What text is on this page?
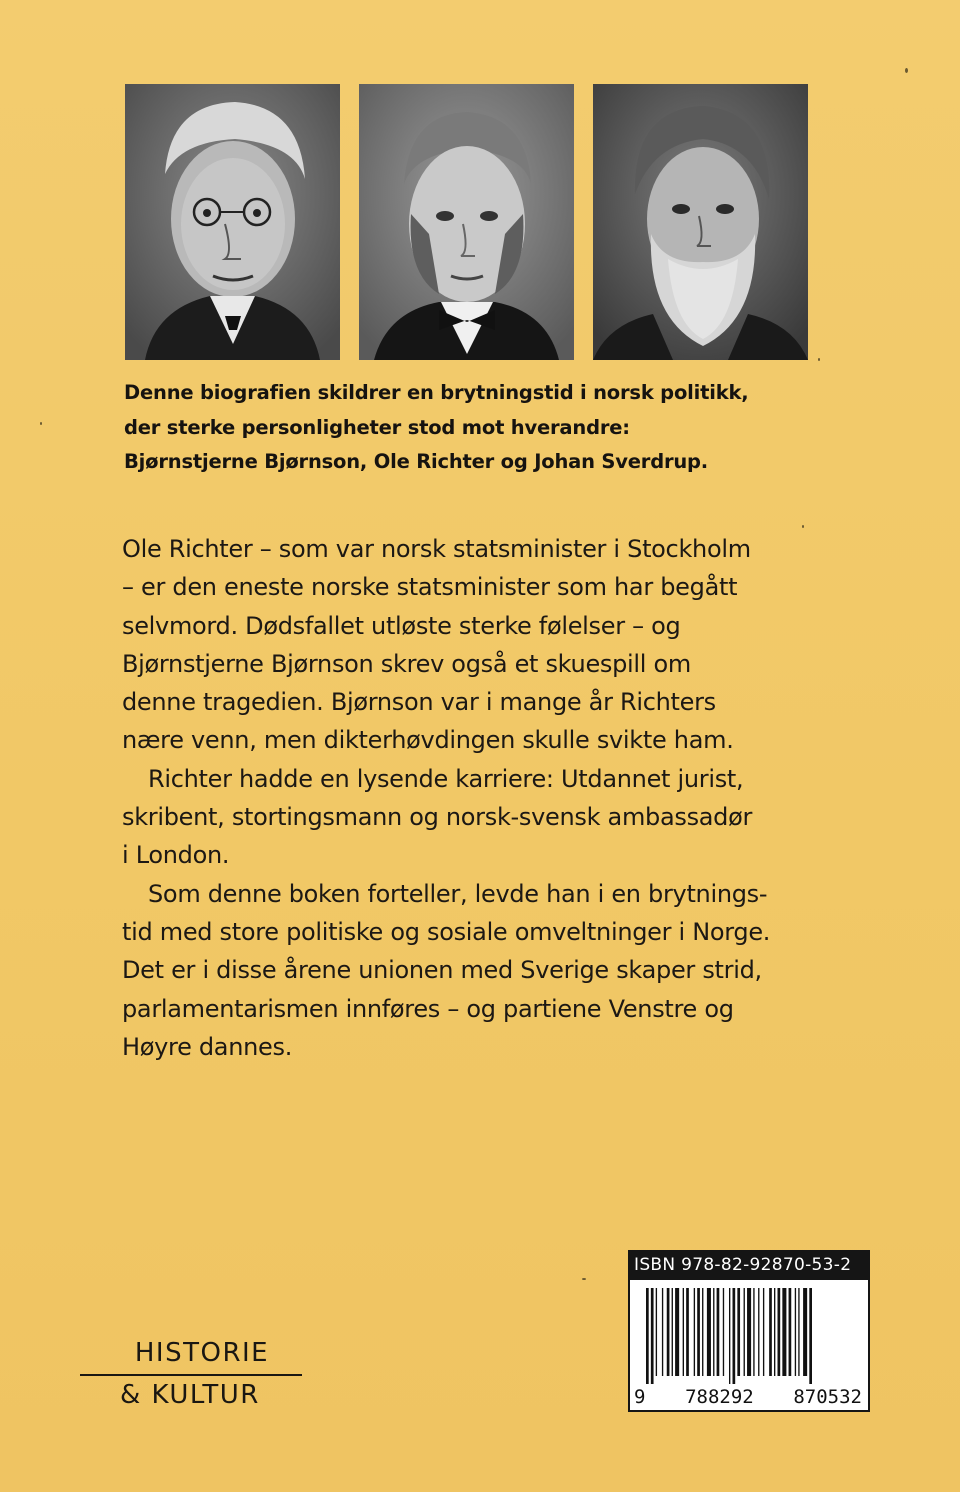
Denne biografien skildrer en brytningstid i norsk politikk,
der sterke personligheter stod mot hverandre:
Bjørnstjerne Bjørnson, Ole Richter og Johan Sverdrup.
Ole Richter – som var norsk statsminister i Stockholm
– er den eneste norske statsminister som har begått
selvmord. Dødsfallet utløste sterke følelser – og
Bjørnstjerne Bjørnson skrev også et skuespill om
denne tragedien. Bjørnson var i mange år Richters
nære venn, men dikterhøvdingen skulle svikte ham.
Richter hadde en lysende karriere: Utdannet jurist,
skribent, stortingsmann og norsk-svensk ambassadør
i London.
Som denne boken forteller, levde han i en brytnings-
tid med store politiske og sosiale omveltninger i Norge.
Det er i disse årene unionen med Sverige skaper strid,
parlamentarismen innføres – og partiene Venstre og
Høyre dannes.
HISTORIE
& KULTUR
ISBN 978-82-92870-53-2
9 788292 870532
